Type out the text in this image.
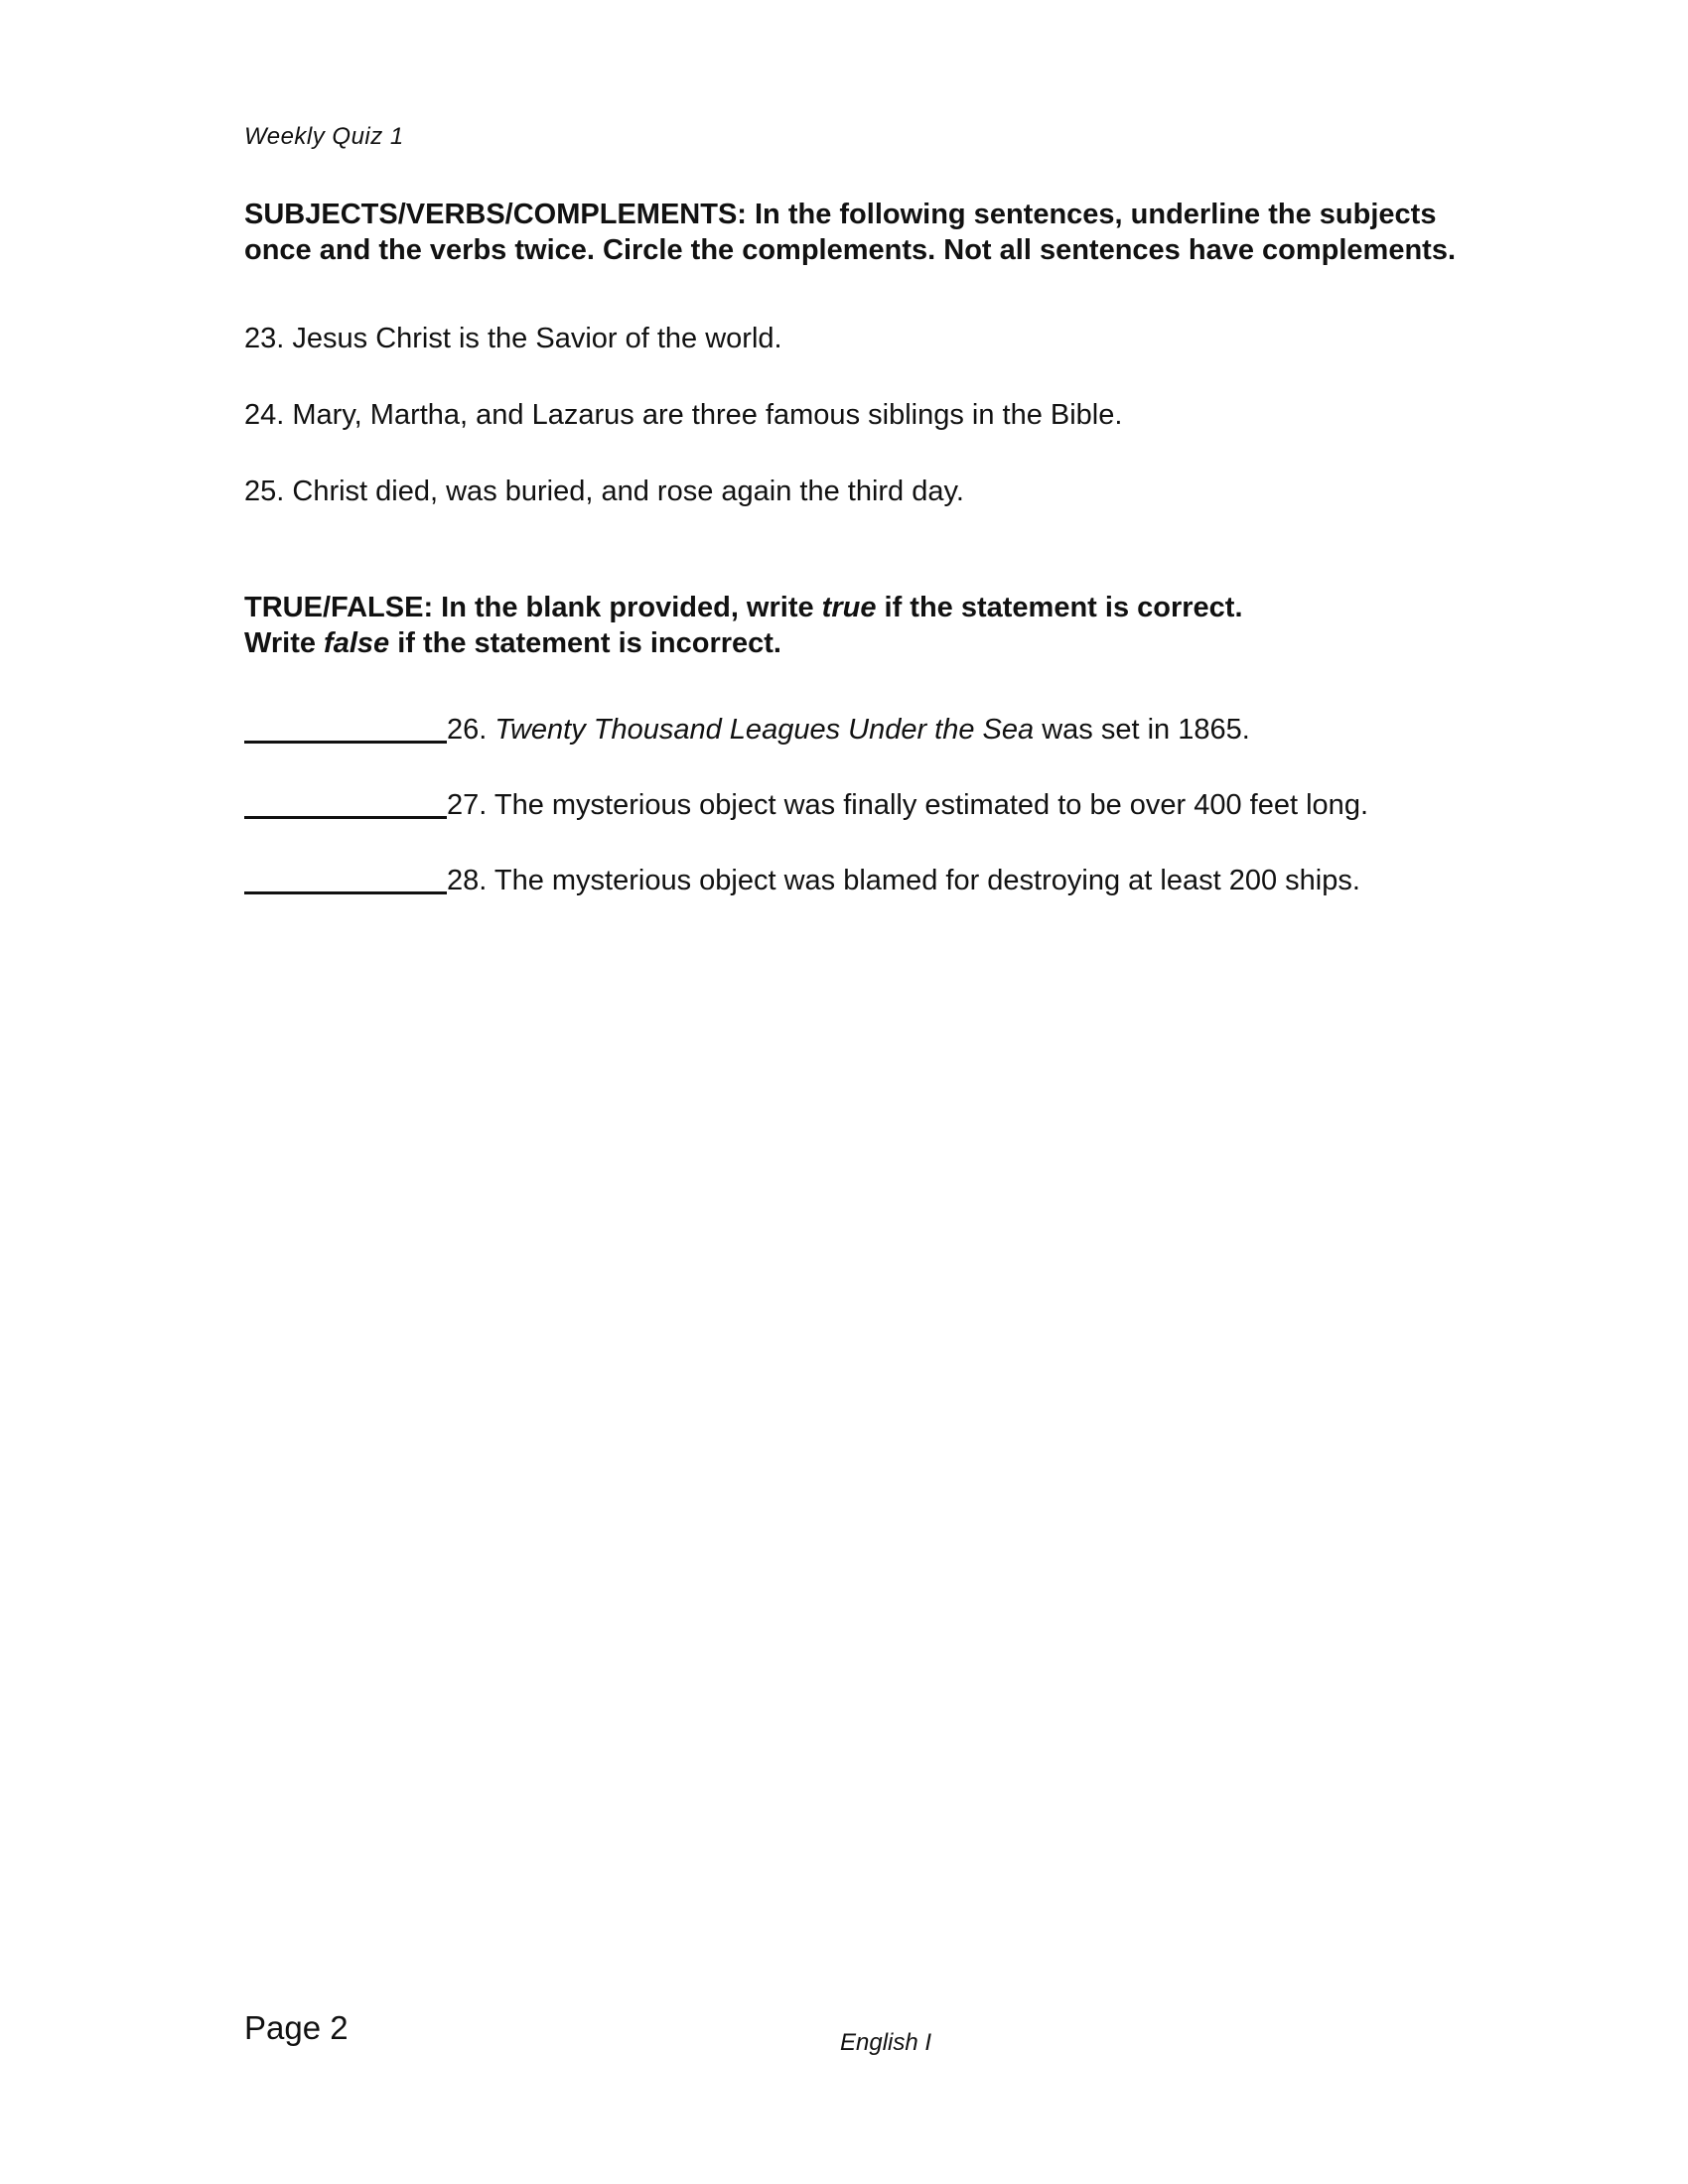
Weekly Quiz 1
SUBJECTS/VERBS/COMPLEMENTS: In the following sentences, underline the subjects
once and the verbs twice. Circle the complements. Not all sentences have complements.
23. Jesus Christ is the Savior of the world.
24. Mary, Martha, and Lazarus are three famous siblings in the Bible.
25. Christ died, was buried, and rose again the third day.
TRUE/FALSE: In the blank provided, write true if the statement is correct.
Write false if the statement is incorrect.
26. Twenty Thousand Leagues Under the Sea was set in 1865.
27. The mysterious object was finally estimated to be over 400 feet long.
28. The mysterious object was blamed for destroying at least 200 ships.
Page 2	English I
